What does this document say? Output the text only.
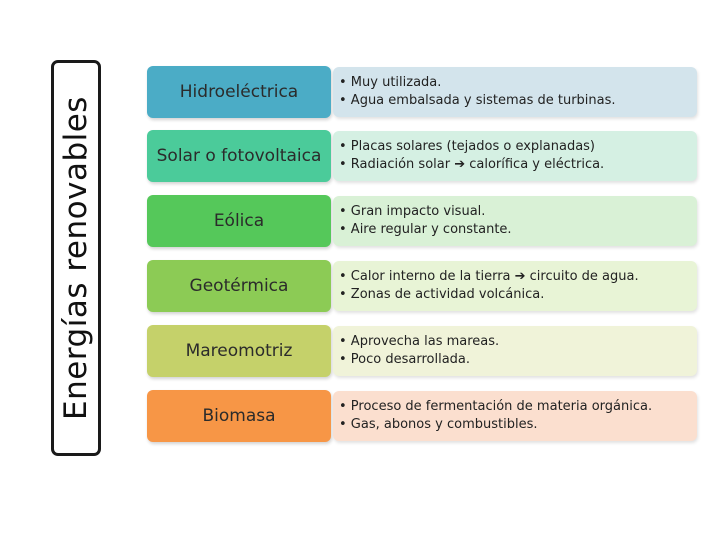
Energías renovables
Hidroeléctrica	• Muy utilizada.
• Agua embalsada y sistemas de turbinas.
Solar o fotovoltaica	• Placas solares (tejados o explanadas)
• Radiación solar ➔ calorífica y eléctrica.
Eólica	• Gran impacto visual.
• Aire regular y constante.
Geotérmica	• Calor interno de la tierra ➔ circuito de agua.
• Zonas de actividad volcánica.
Mareomotriz	• Aprovecha las mareas.
• Poco desarrollada.
Biomasa	• Proceso de fermentación de materia orgánica.
• Gas, abonos y combustibles.
